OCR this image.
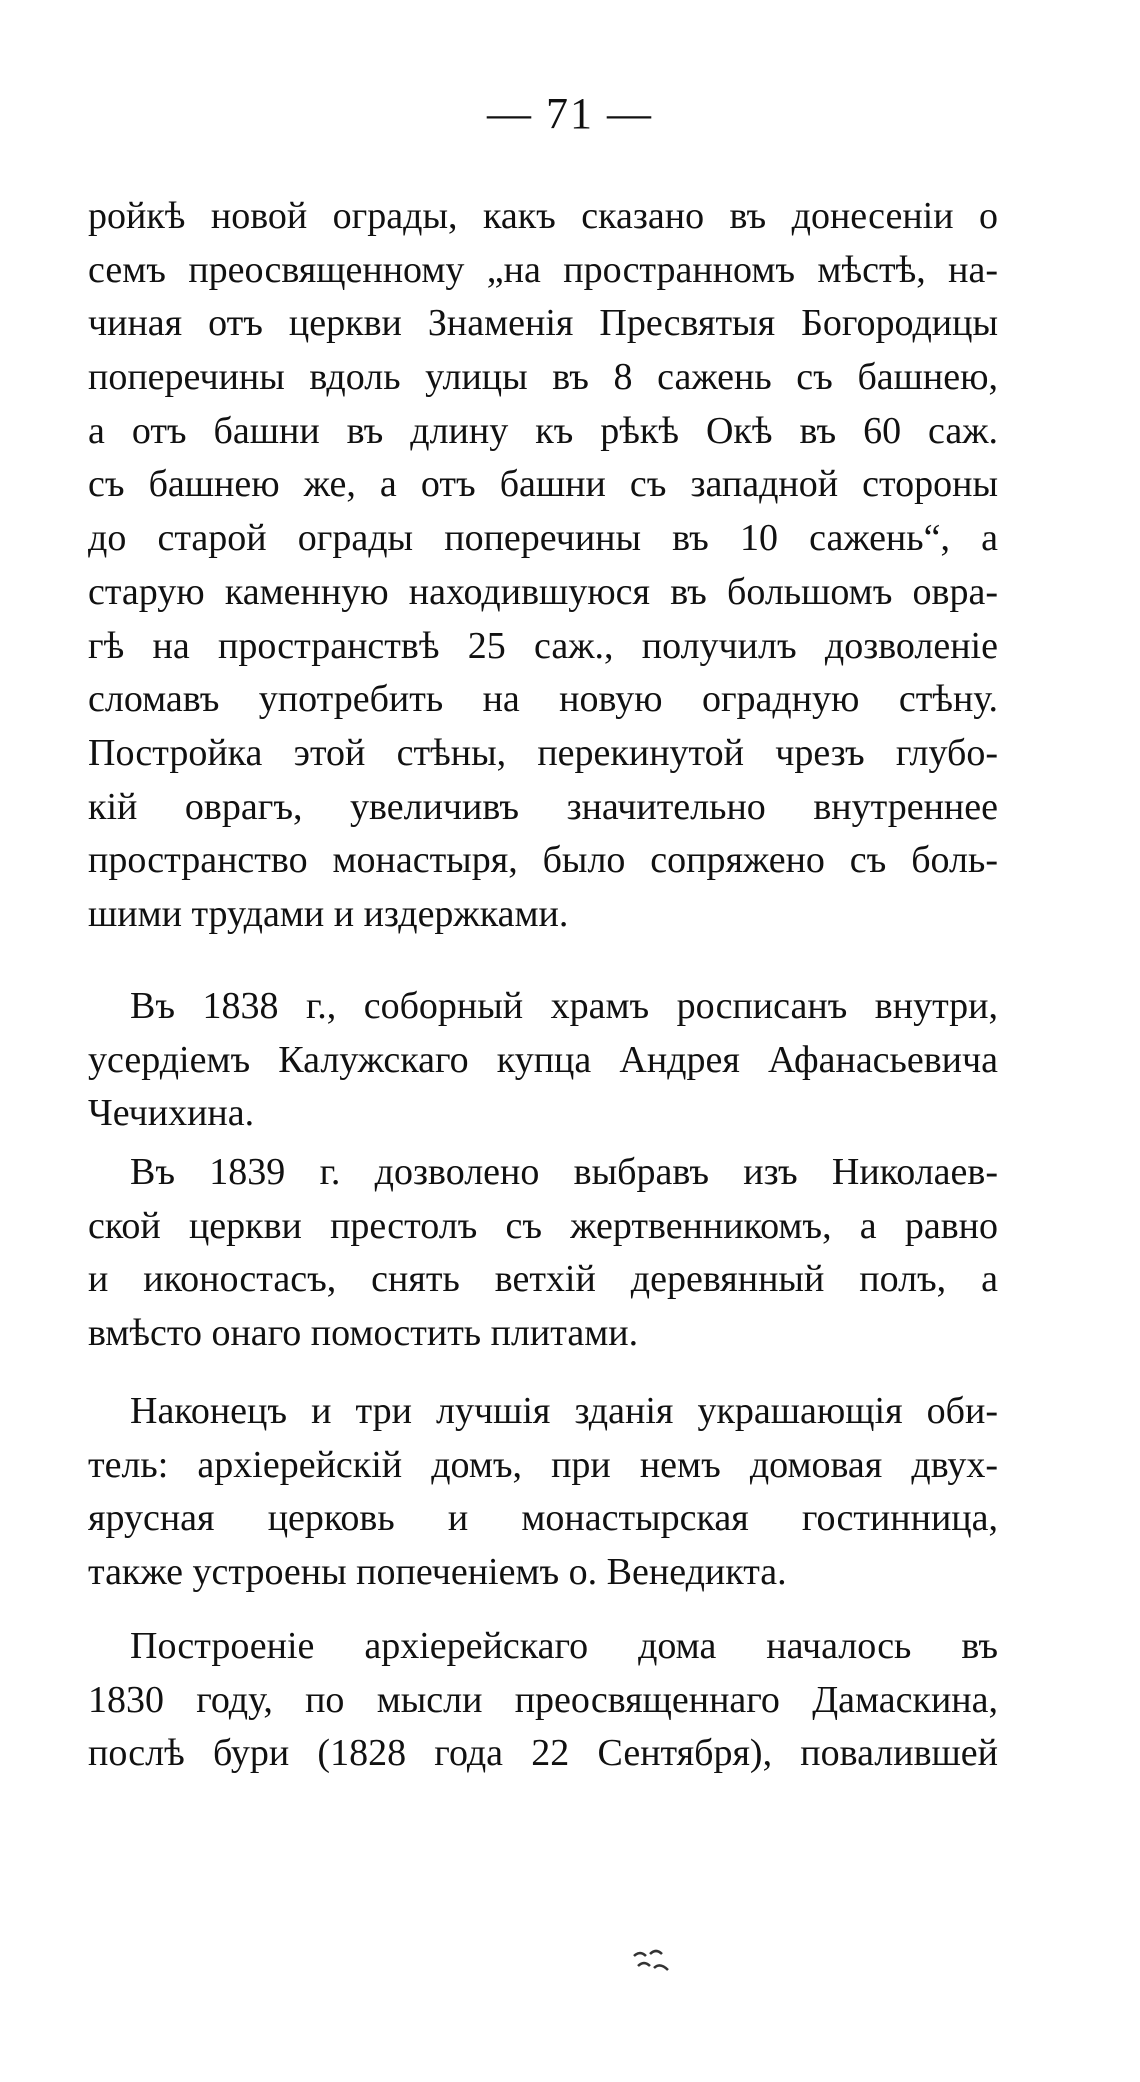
— 71 —
ройкѣ новой ограды, какъ сказано въ донесеніи о
семъ преосвященному „на пространномъ мѣстѣ, на-
чиная отъ церкви Знаменія Пресвятыя Богородицы
поперечины вдоль улицы въ 8 сажень съ башнею,
а отъ башни въ длину къ рѣкѣ Окѣ въ 60 саж.
съ башнею же, а отъ башни съ западной стороны
до старой ограды поперечины въ 10 сажень“, а
старую каменную находившуюся въ большомъ овра-
гѣ на пространствѣ 25 саж., получилъ дозволеніе
сломавъ употребить на новую оградную стѣну.
Постройка этой стѣны, перекинутой чрезъ глубо-
кій оврагъ, увеличивъ значительно внутреннее
пространство монастыря, было сопряжено съ боль-
шими трудами и издержками.
Въ 1838 г., соборный храмъ росписанъ внутри,
усердіемъ Калужскаго купца Андрея Афанасьевича
Чечихина.
Въ 1839 г. дозволено выбравъ изъ Николаев-
ской церкви престолъ съ жертвенникомъ, а равно
и иконостасъ, снять ветхій деревянный полъ, а
вмѣсто онаго помостить плитами.
Наконецъ и три лучшія зданія украшающія оби-
тель: архіерейскій домъ, при немъ домовая двух-
ярусная церковь и монастырская гостинница,
также устроены попеченіемъ о. Венедикта.
Построеніе архіерейскаго дома началось въ
1830 году, по мысли преосвященнаго Дамаскина,
послѣ бури (1828 года 22 Сентября), повалившей
